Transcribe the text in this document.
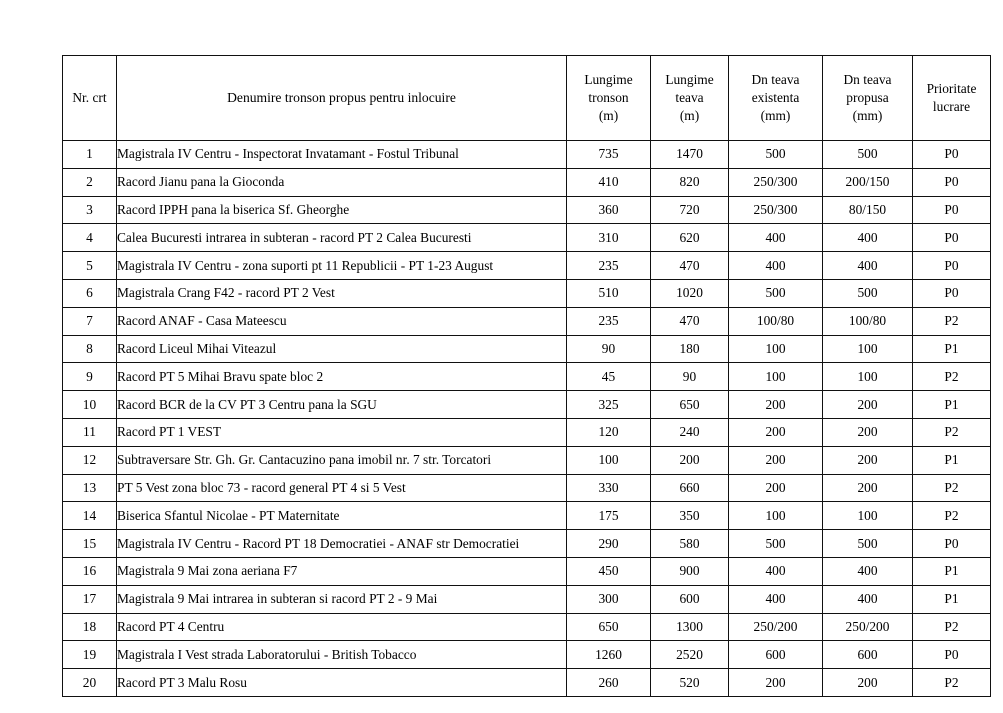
Nr. crt	Denumire tronson propus pentru inlocuire	Lungime
tronson
(m)	Lungime
teava
(m)	Dn teava
existenta
(mm)	Dn teava
propusa
(mm)	Prioritate
lucrare

1	Magistrala IV Centru - Inspectorat Invatamant - Fostul Tribunal	735	1470	500	500	P0
2	Racord Jianu pana la Gioconda	410	820	250/300	200/150	P0
3	Racord IPPH pana la biserica Sf. Gheorghe	360	720	250/300	80/150	P0
4	Calea Bucuresti intrarea in subteran - racord PT 2 Calea Bucuresti	310	620	400	400	P0
5	Magistrala IV Centru - zona suporti pt 11 Republicii - PT 1-23 August	235	470	400	400	P0
6	Magistrala Crang F42 - racord PT 2 Vest	510	1020	500	500	P0
7	Racord ANAF - Casa Mateescu	235	470	100/80	100/80	P2
8	Racord Liceul Mihai Viteazul	90	180	100	100	P1
9	Racord PT 5 Mihai Bravu spate bloc 2	45	90	100	100	P2
10	Racord BCR de la CV PT 3 Centru pana la SGU	325	650	200	200	P1
11	Racord PT 1 VEST	120	240	200	200	P2
12	Subtraversare Str. Gh. Gr. Cantacuzino pana imobil nr. 7 str. Torcatori	100	200	200	200	P1
13	PT 5 Vest zona bloc 73 - racord general PT 4 si 5 Vest	330	660	200	200	P2
14	Biserica Sfantul Nicolae - PT Maternitate	175	350	100	100	P2
15	Magistrala IV Centru - Racord PT 18 Democratiei - ANAF str Democratiei	290	580	500	500	P0
16	Magistrala 9 Mai zona aeriana F7	450	900	400	400	P1
17	Magistrala 9 Mai intrarea in subteran si racord PT 2 - 9 Mai	300	600	400	400	P1
18	Racord PT 4 Centru	650	1300	250/200	250/200	P2
19	Magistrala I Vest strada Laboratorului - British Tobacco	1260	2520	600	600	P0
20	Racord PT 3 Malu Rosu	260	520	200	200	P2
